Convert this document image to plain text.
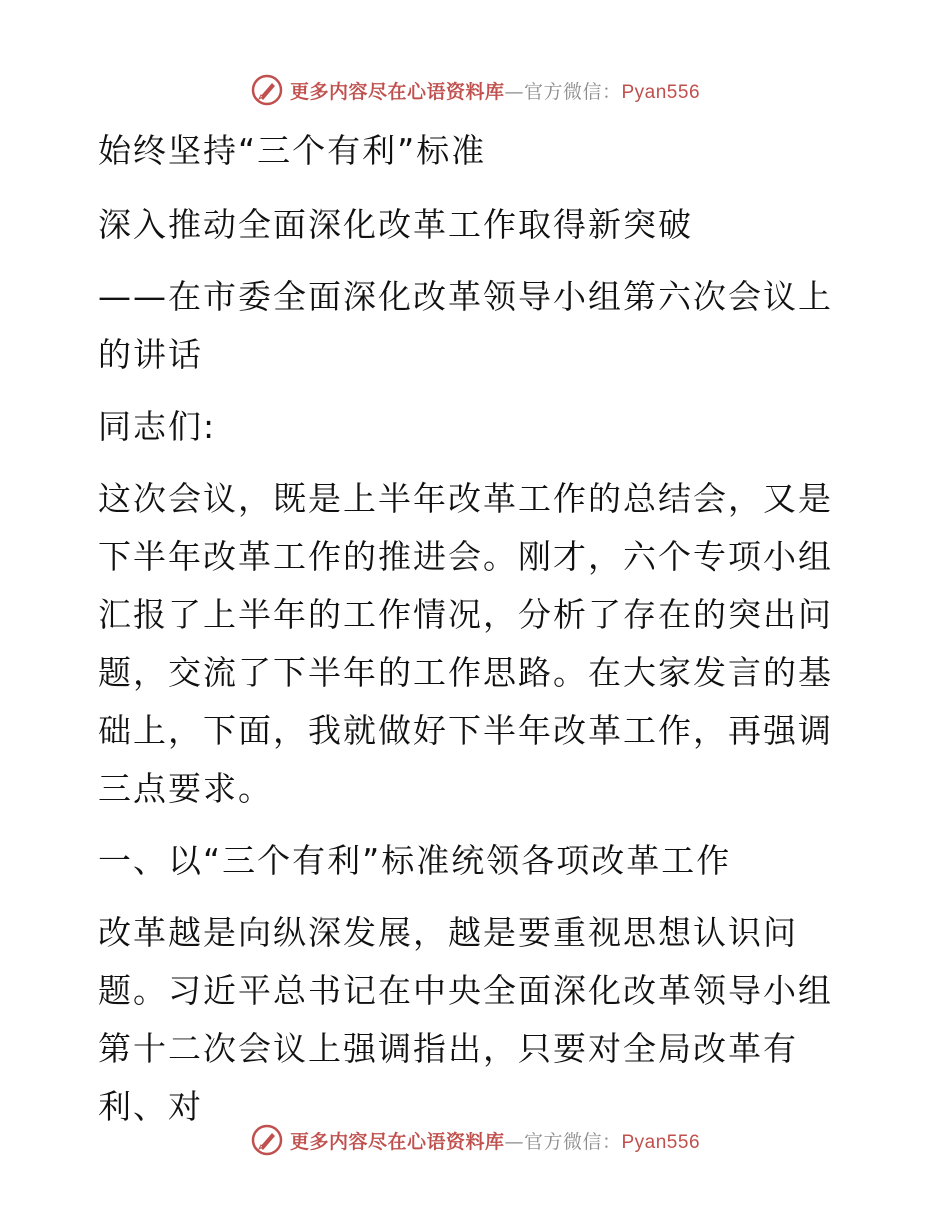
更多内容尽在心语资料库—官方微信：Pyan556

始终坚持“三个有利”标准

深入推动全面深化改革工作取得新突破

——在市委全面深化改革领导小组第六次会议上的讲话

同志们:

这次会议，既是上半年改革工作的总结会，又是下半年改革工作的推进会。刚才，六个专项小组汇报了上半年的工作情况，分析了存在的突出问题，交流了下半年的工作思路。在大家发言的基础上，下面，我就做好下半年改革工作，再强调三点要求。

一、以“三个有利”标准统领各项改革工作

改革越是向纵深发展，越是要重视思想认识问题。习近平总书记在中央全面深化改革领导小组第十二次会议上强调指出，只要对全局改革有利、对

更多内容尽在心语资料库—官方微信：Pyan556
